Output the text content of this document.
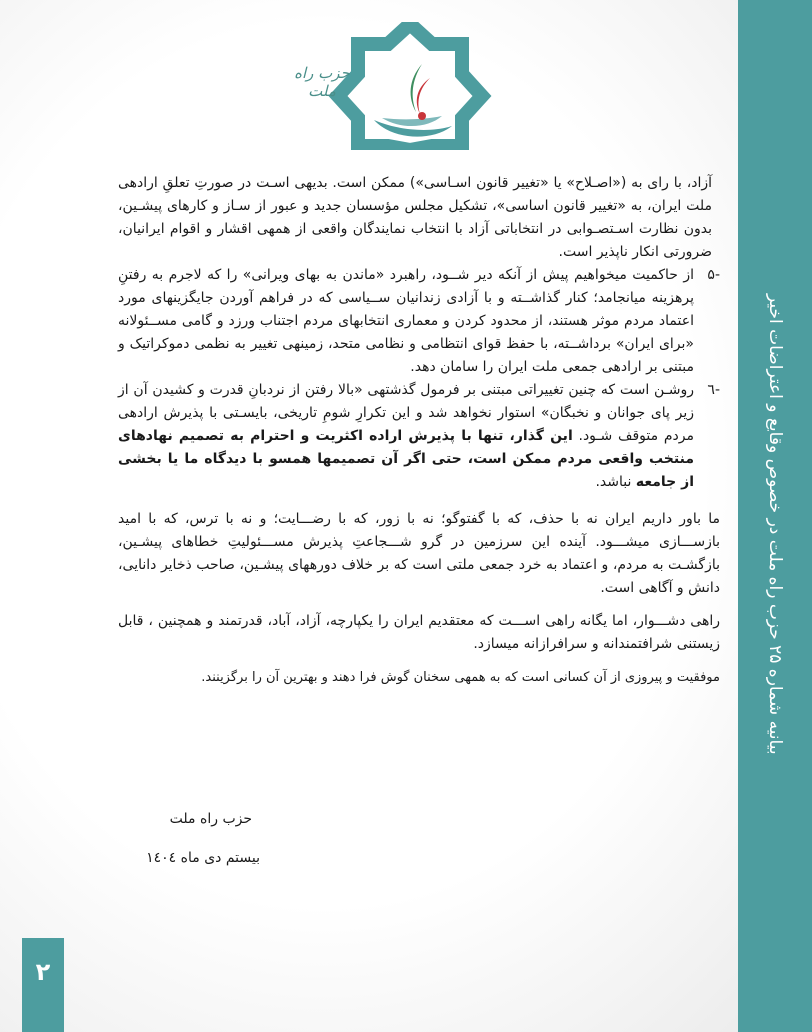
بیانیه شماره ۲۵ حزب راه ملت در خصوص وقایع و اعتراضات اخیر
حزب راه ملت

آزاد، با رای به («اصـلاح» یا «تغییر قانون اسـاسی») ممکن است. بدیهی اسـت در صورتِ تعلقِ ارادهی ملت ایران، به «تغییر قانون اساسی»، تشکیل مجلس مؤسسان جدید و عبور از سـاز و کارهای پیشـین، بدون نظارت اسـتصـوابی در انتخاباتی آزاد با انتخاب نمایندگان واقعی از همهی اقشار و اقوام ایرانیان، ضرورتی انکار ناپذیر است.

-۵
از حاکمیت میخواهیم پیش از آنکه دیر شــود، راهبرد «ماندن به بهای ویرانی» را که لاجرم به رفتنِ پرهزینه میانجامد؛ کنار گذاشــته و با آزادی زندانیان ســیاسی که در فراهم آوردن جایگزینهای مورد اعتماد مردم موثر هستند، از محدود کردن و معماری انتخابهای مردم اجتناب ورزد و گامی مســئولانه «برای ایران» برداشــته، با حفظ قوای انتظامی و نظامی متحد، زمینهی تغییر به نظمی دموکراتیک و مبتنی بر ارادهی جمعی ملت ایران را سامان دهد.
-٦
روشـن است که چنین تغییراتی مبتنی بر فرمول گذشتهی «بالا رفتن از نردبانِ قدرت و کشیدن آن از زیر پای جوانان و نخبگان» استوار نخواهد شد و این تکرارِ شومِ تاریخی، بایسـتی با پذیرش ارادهی مردم متوقف شـود. این گذار، تنها با پذیرش اراده اکثریت و احترام به تصمیم نهادهای منتخب واقعی مردم ممکن است، حتی اگر آن تصمیمها همسو با دیدگاه ما یا بخشی از جامعه نباشد.

ما باور داریم ایران نه با حذف، که با گفتوگو؛ نه با زور، که با رضـــایت؛ و نه با ترس، که با امید بازســـازی میشـــود. آینده این سرزمین در گرو شـــجاعتِ پذیرش مســـئولیتِ خطاهای پیشـین، بازگشـت به مردم، و اعتماد به خرد جمعی ملتی است که بر خلاف دورههای پیشـین، صاحب ذخایر دانایی، دانش و آگاهی است.

راهی دشـــوار، اما یگانه راهی اســـت که معتقدیم ایران را یکپارچه، آزاد، آباد، قدرتمند و همچنین ، قابل زیستنی شرافتمندانه و سرافرازانه میسازد.

موفقیت و پیروزی از آن کسانی است که به همهی سخنان گوش فرا دهند و بهترین آن را برگزینند.

حزب راه ملت
بیستم دی ماه ١٤٠٤
۲
